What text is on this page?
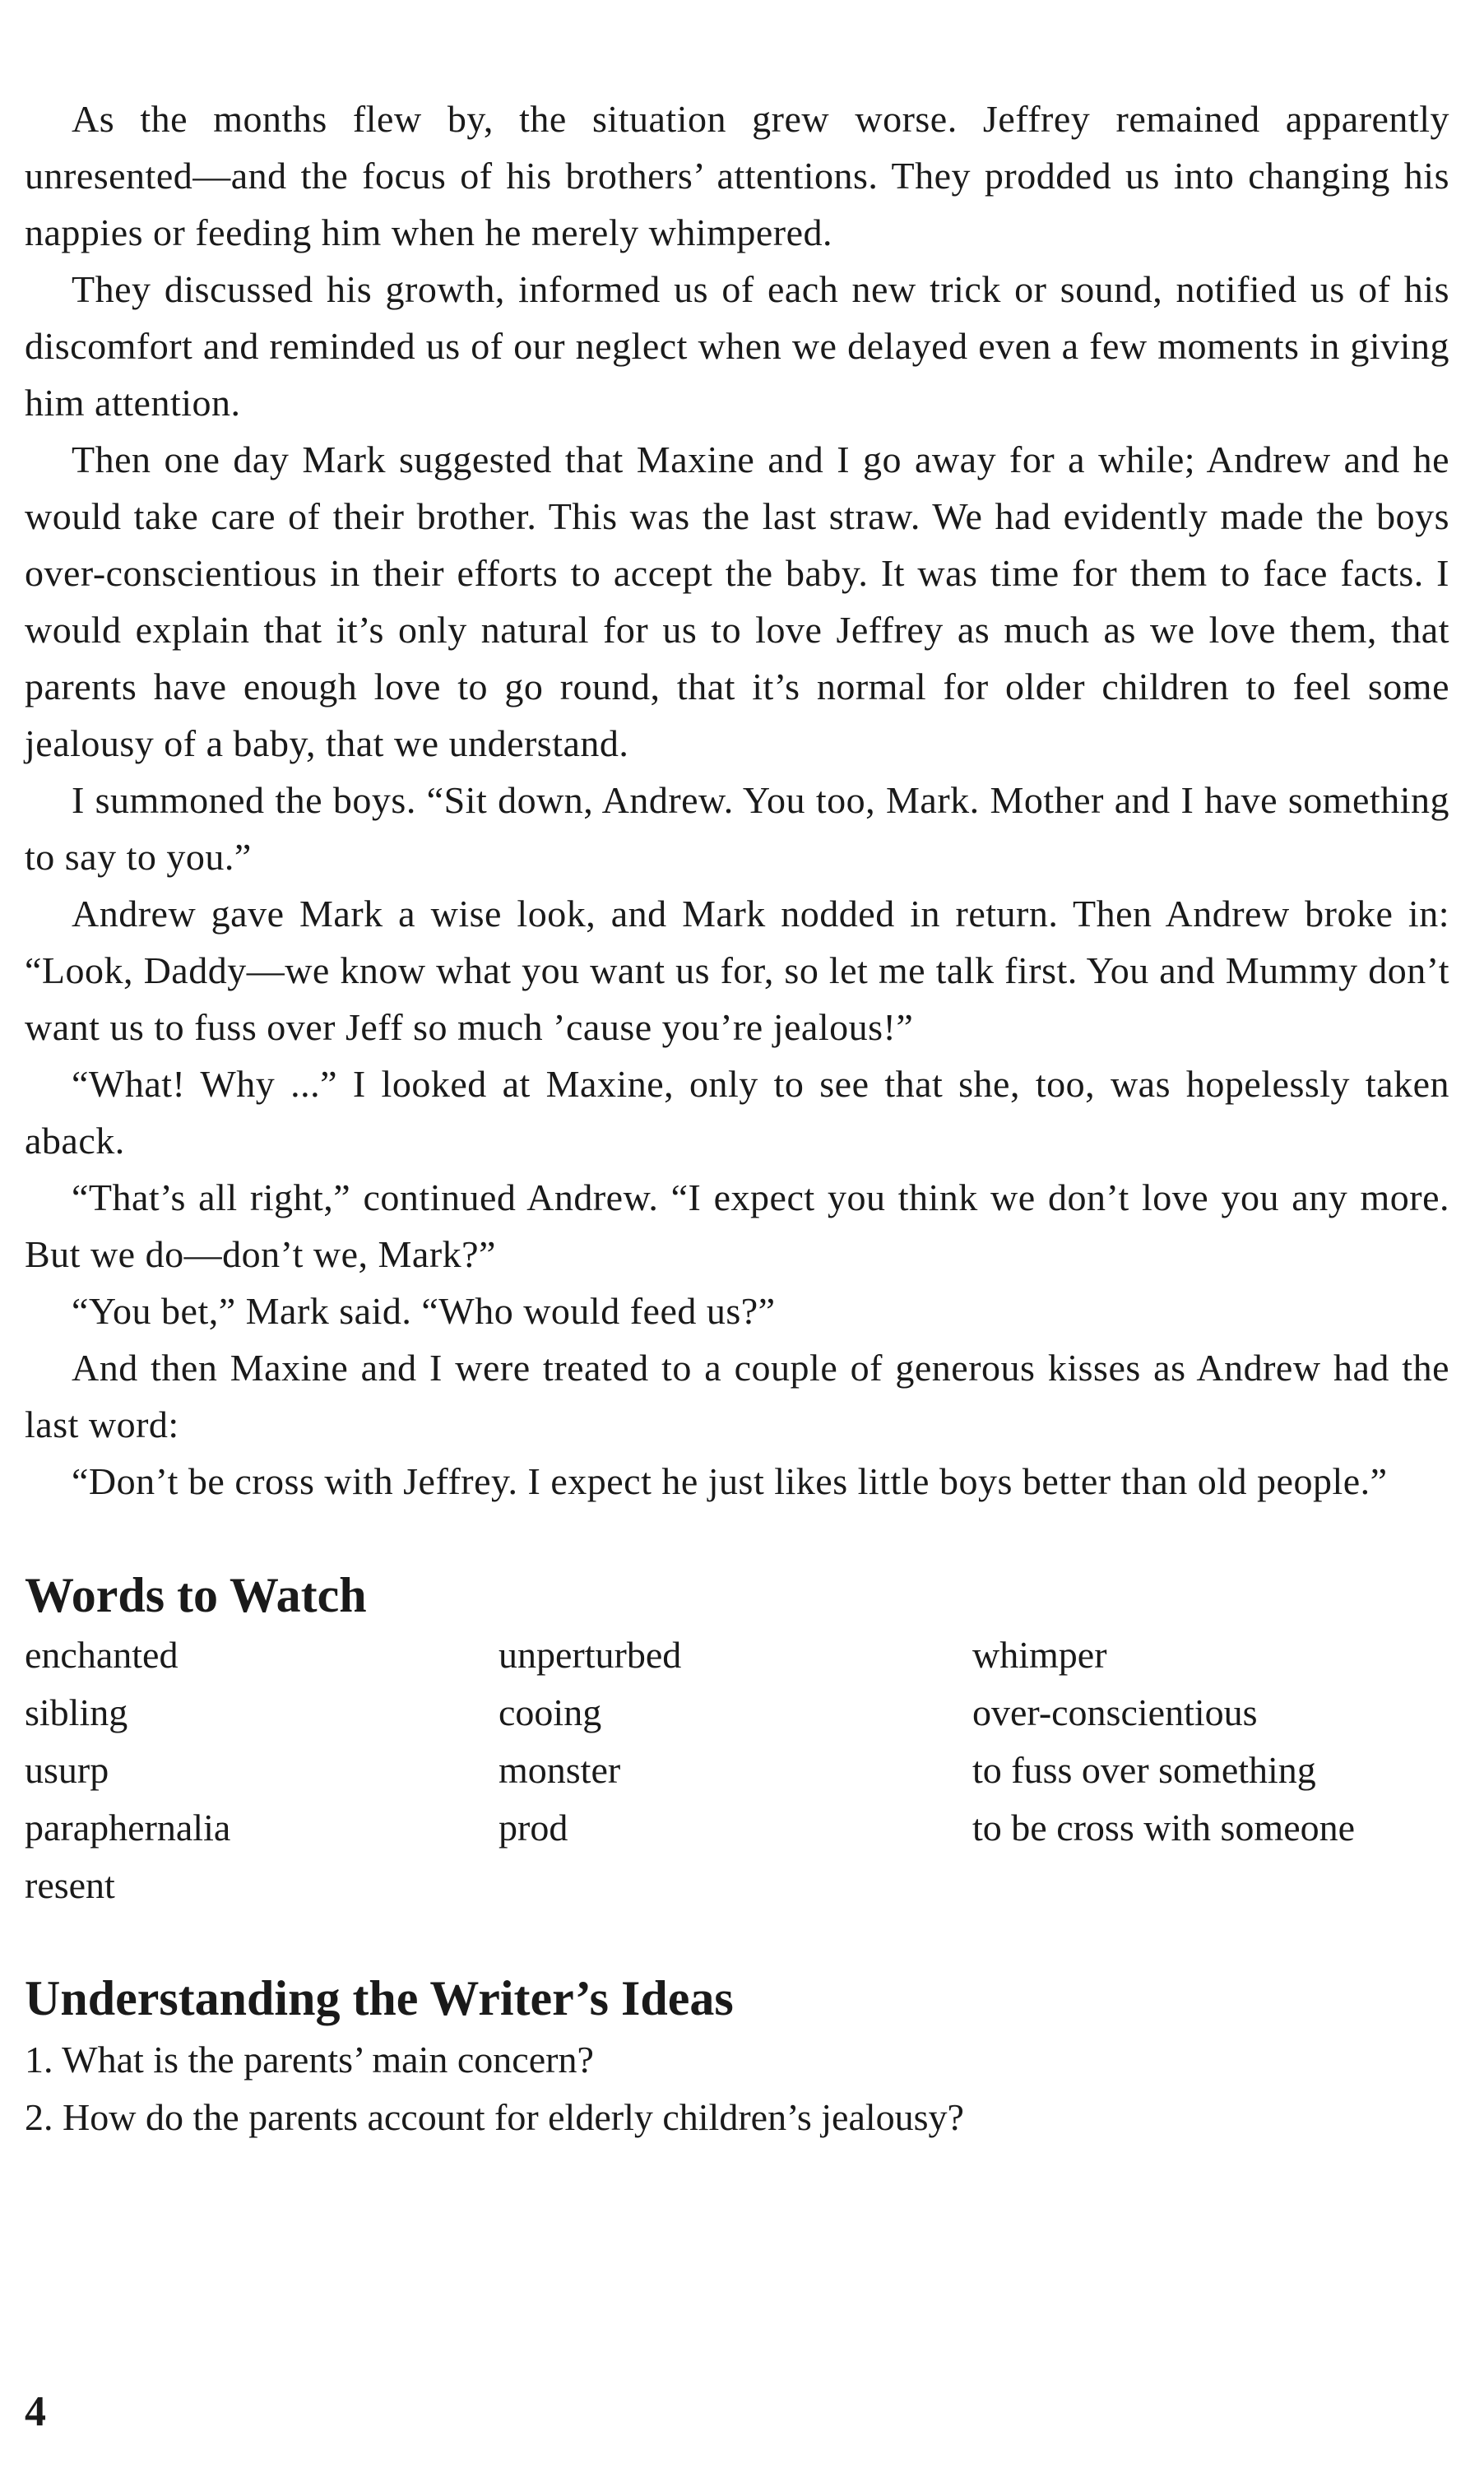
As the months flew by, the situation grew worse. Jeffrey remained apparently unresented—and the focus of his brothers’ attentions. They prodded us into changing his nappies or feeding him when he merely whimpered.

They discussed his growth, informed us of each new trick or sound, notified us of his discomfort and reminded us of our neglect when we delayed even a few moments in giving him attention.

Then one day Mark suggested that Maxine and I go away for a while; Andrew and he would take care of their brother. This was the last straw. We had evidently made the boys over-conscientious in their efforts to accept the baby. It was time for them to face facts. I would explain that it’s only natural for us to love Jeffrey as much as we love them, that parents have enough love to go round, that it’s normal for older children to feel some jealousy of a baby, that we understand.

I summoned the boys. “Sit down, Andrew. You too, Mark. Mother and I have something to say to you.”

Andrew gave Mark a wise look, and Mark nodded in return. Then Andrew broke in: “Look, Daddy—we know what you want us for, so let me talk first. You and Mummy don’t want us to fuss over Jeff so much ’cause you’re jealous!”

“What! Why ...” I looked at Maxine, only to see that she, too, was hopelessly taken aback.

“That’s all right,” continued Andrew. “I expect you think we don’t love you any more. But we do—don’t we, Mark?”

“You bet,” Mark said. “Who would feed us?”

And then Maxine and I were treated to a couple of generous kisses as Andrew had the last word:

“Don’t be cross with Jeffrey. I expect he just likes little boys better than old people.”

Words to Watch
enchanted
sibling
usurp
paraphernalia
resent
unperturbed
cooing
monster
prod
whimper
over-conscientious
to fuss over something
to be cross with someone
Understanding the Writer’s Ideas
1. What is the parents’ main concern?
2. How do the parents account for elderly children’s jealousy?
4
